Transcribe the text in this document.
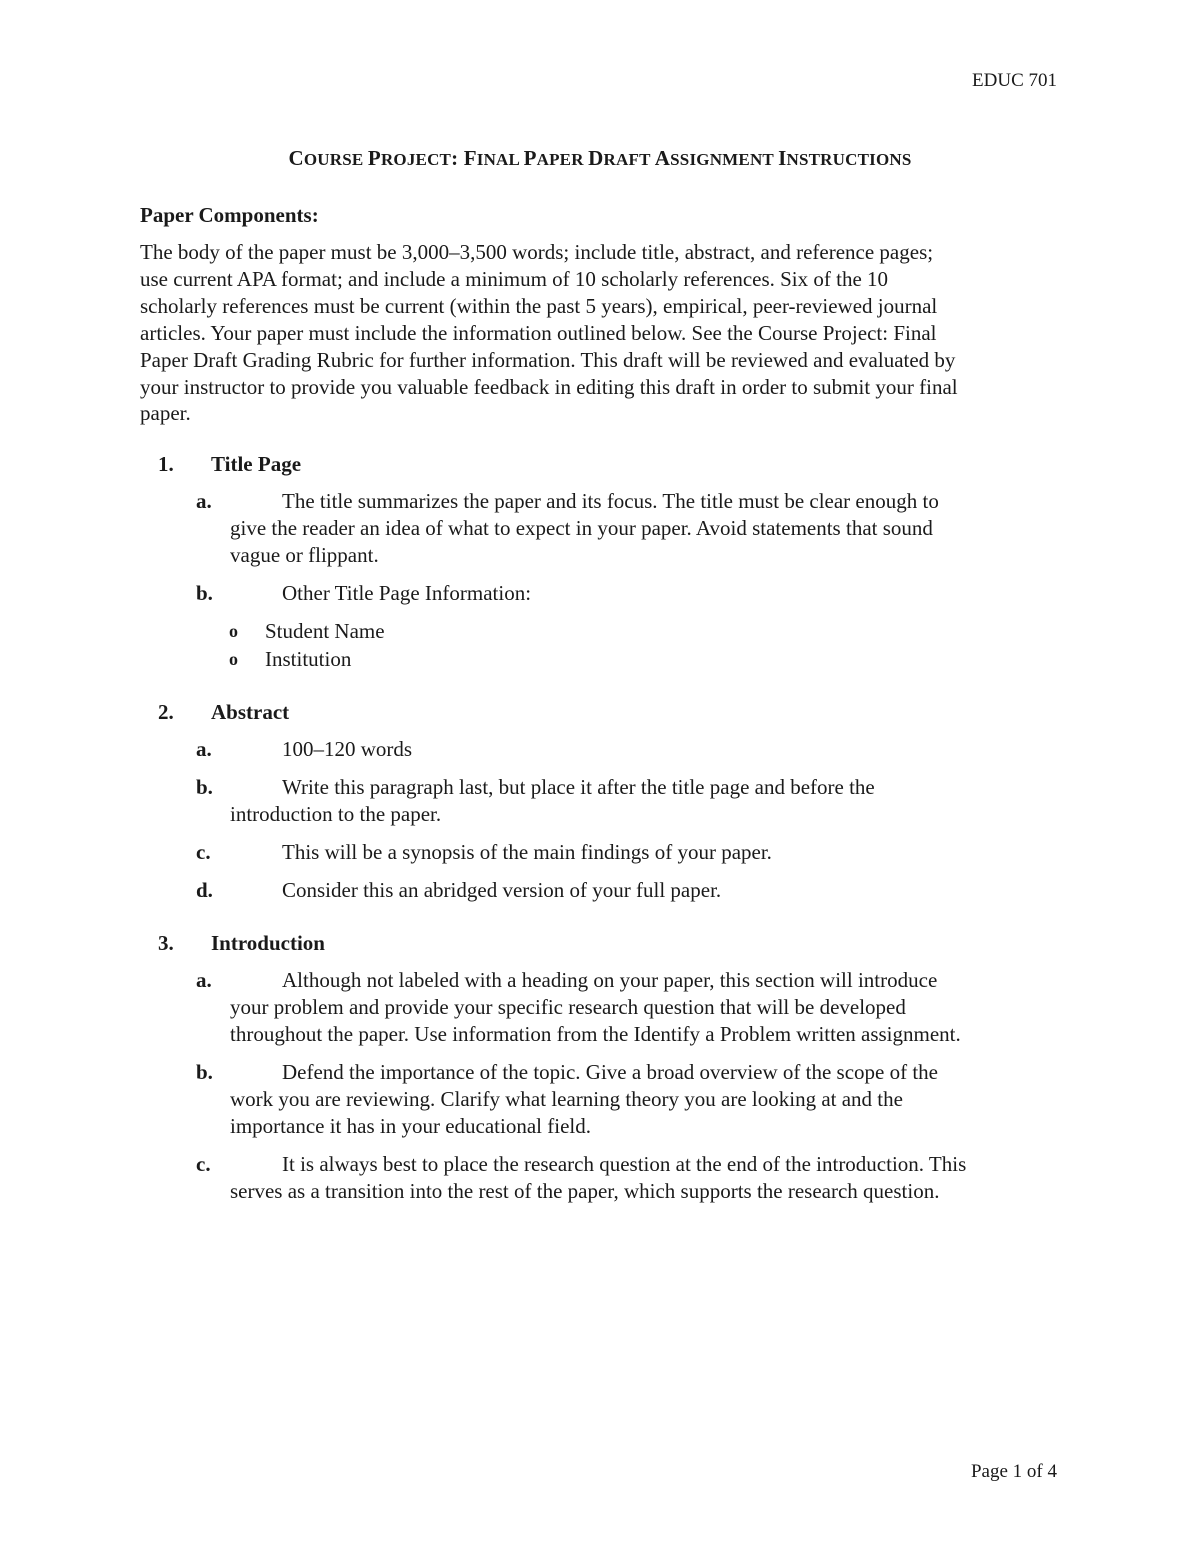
EDUC 701
COURSE PROJECT: FINAL PAPER DRAFT ASSIGNMENT INSTRUCTIONS
Paper Components:

The body of the paper must be 3,000–3,500 words; include title, abstract, and reference pages;
use current APA format; and include a minimum of 10 scholarly references. Six of the 10
scholarly references must be current (within the past 5 years), empirical, peer-reviewed journal
articles. Your paper must include the information outlined below. See the Course Project: Final
Paper Draft Grading Rubric for further information. This draft will be reviewed and evaluated by
your instructor to provide you valuable feedback in editing this draft in order to submit your final
paper.

1.	Title Page
a.	The title summarizes the paper and its focus. The title must be clear enough to
give the reader an idea of what to expect in your paper. Avoid statements that sound
vague or flippant.
b.	Other Title Page Information:
o	Student Name
o	Institution
2.	Abstract
a.	100–120 words
b.	Write this paragraph last, but place it after the title page and before the
introduction to the paper.
c.	This will be a synopsis of the main findings of your paper.
d.	Consider this an abridged version of your full paper.
3.	Introduction
a.	Although not labeled with a heading on your paper, this section will introduce
your problem and provide your specific research question that will be developed
throughout the paper. Use information from the Identify a Problem written assignment.
b.	Defend the importance of the topic. Give a broad overview of the scope of the
work you are reviewing. Clarify what learning theory you are looking at and the
importance it has in your educational field.
c.	It is always best to place the research question at the end of the introduction. This
serves as a transition into the rest of the paper, which supports the research question.
Page 1 of 4
